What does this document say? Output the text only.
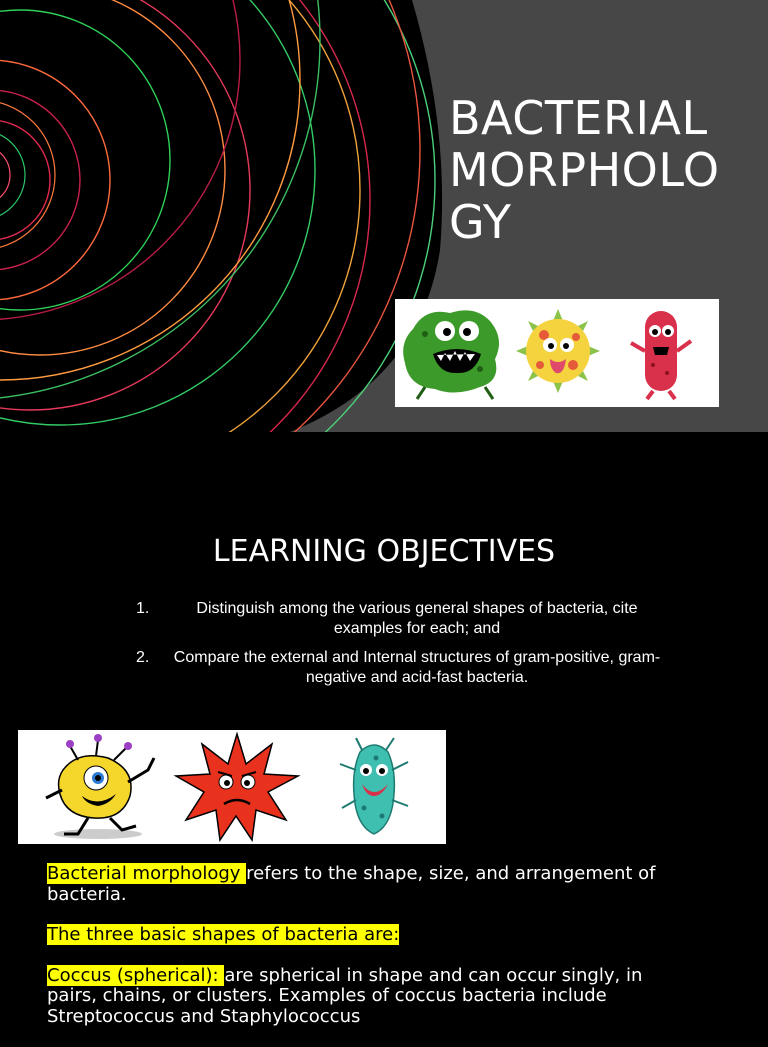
BACTERIAL
MORPHOLO
GY
LEARNING OBJECTIVES
1.	Distinguish among the various general shapes of bacteria, cite examples for each; and
2.	Compare the external and Internal structures of gram-positive, gram-negative and acid-fast bacteria.

Bacterial morphology refers to the shape, size, and arrangement of bacteria.

The three basic shapes of bacteria are:

Coccus (spherical): are spherical in shape and can occur singly, in pairs, chains, or clusters. Examples of coccus bacteria include Streptococcus and Staphylococcus
